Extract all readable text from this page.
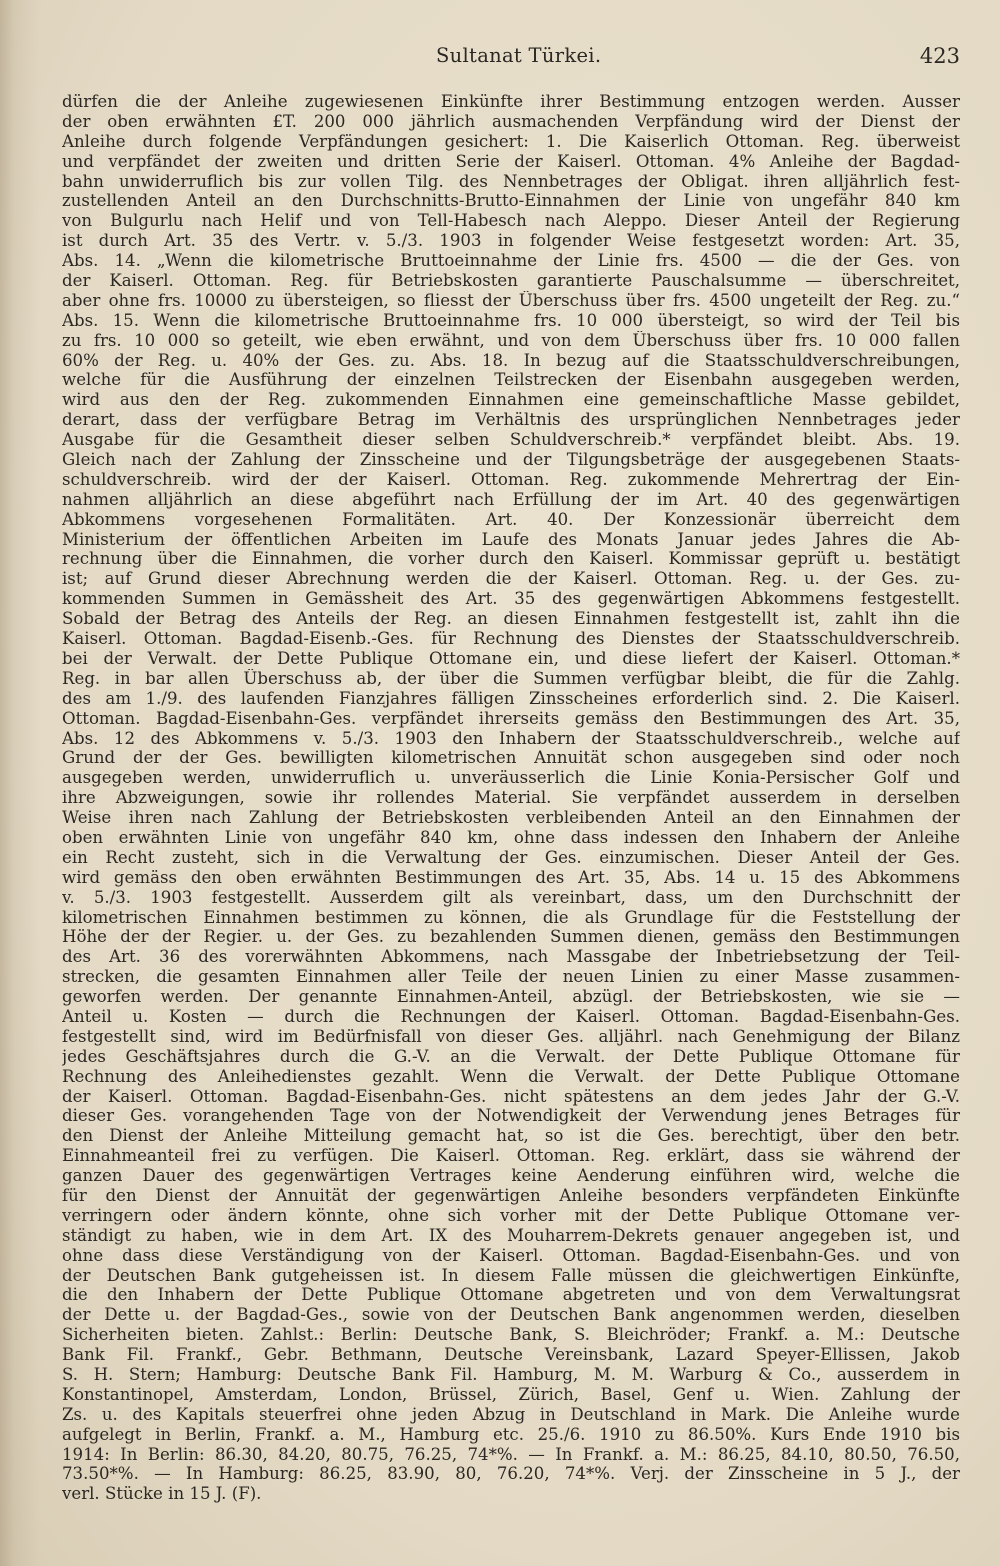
Sultanat Türkei.	423
dürfen die der Anleihe zugewiesenen Einkünfte ihrer Bestimmung entzogen werden. Ausser
der oben erwähnten £T. 200 000 jährlich ausmachenden Verpfändung wird der Dienst der
Anleihe durch folgende Verpfändungen gesichert: 1. Die Kaiserlich Ottoman. Reg. überweist
und verpfändet der zweiten und dritten Serie der Kaiserl. Ottoman. 4% Anleihe der Bagdad-
bahn unwiderruflich bis zur vollen Tilg. des Nennbetrages der Obligat. ihren alljährlich fest-
zustellenden Anteil an den Durchschnitts-Brutto-Einnahmen der Linie von ungefähr 840 km
von Bulgurlu nach Helif und von Tell-Habesch nach Aleppo. Dieser Anteil der Regierung
ist durch Art. 35 des Vertr. v. 5./3. 1903 in folgender Weise festgesetzt worden: Art. 35,
Abs. 14. „Wenn die kilometrische Bruttoeinnahme der Linie frs. 4500 — die der Ges. von
der Kaiserl. Ottoman. Reg. für Betriebskosten garantierte Pauschalsumme — überschreitet,
aber ohne frs. 10000 zu übersteigen, so fliesst der Überschuss über frs. 4500 ungeteilt der Reg. zu.“
Abs. 15. Wenn die kilometrische Bruttoeinnahme frs. 10 000 übersteigt, so wird der Teil bis
zu frs. 10 000 so geteilt, wie eben erwähnt, und von dem Überschuss über frs. 10 000 fallen
60% der Reg. u. 40% der Ges. zu. Abs. 18. In bezug auf die Staatsschuldverschreibungen,
welche für die Ausführung der einzelnen Teilstrecken der Eisenbahn ausgegeben werden,
wird aus den der Reg. zukommenden Einnahmen eine gemeinschaftliche Masse gebildet,
derart, dass der verfügbare Betrag im Verhältnis des ursprünglichen Nennbetrages jeder
Ausgabe für die Gesamtheit dieser selben Schuldverschreib.* verpfändet bleibt. Abs. 19.
Gleich nach der Zahlung der Zinsscheine und der Tilgungsbeträge der ausgegebenen Staats-
schuldverschreib. wird der der Kaiserl. Ottoman. Reg. zukommende Mehrertrag der Ein-
nahmen alljährlich an diese abgeführt nach Erfüllung der im Art. 40 des gegenwärtigen
Abkommens vorgesehenen Formalitäten. Art. 40. Der Konzessionär überreicht dem
Ministerium der öffentlichen Arbeiten im Laufe des Monats Januar jedes Jahres die Ab-
rechnung über die Einnahmen, die vorher durch den Kaiserl. Kommissar geprüft u. bestätigt
ist; auf Grund dieser Abrechnung werden die der Kaiserl. Ottoman. Reg. u. der Ges. zu-
kommenden Summen in Gemässheit des Art. 35 des gegenwärtigen Abkommens festgestellt.
Sobald der Betrag des Anteils der Reg. an diesen Einnahmen festgestellt ist, zahlt ihn die
Kaiserl. Ottoman. Bagdad-Eisenb.-Ges. für Rechnung des Dienstes der Staatsschuldverschreib.
bei der Verwalt. der Dette Publique Ottomane ein, und diese liefert der Kaiserl. Ottoman.*
Reg. in bar allen Überschuss ab, der über die Summen verfügbar bleibt, die für die Zahlg.
des am 1./9. des laufenden Fianzjahres fälligen Zinsscheines erforderlich sind. 2. Die Kaiserl.
Ottoman. Bagdad-Eisenbahn-Ges. verpfändet ihrerseits gemäss den Bestimmungen des Art. 35,
Abs. 12 des Abkommens v. 5./3. 1903 den Inhabern der Staatsschuldverschreib., welche auf
Grund der der Ges. bewilligten kilometrischen Annuität schon ausgegeben sind oder noch
ausgegeben werden, unwiderruflich u. unveräusserlich die Linie Konia-Persischer Golf und
ihre Abzweigungen, sowie ihr rollendes Material. Sie verpfändet ausserdem in derselben
Weise ihren nach Zahlung der Betriebskosten verbleibenden Anteil an den Einnahmen der
oben erwähnten Linie von ungefähr 840 km, ohne dass indessen den Inhabern der Anleihe
ein Recht zusteht, sich in die Verwaltung der Ges. einzumischen. Dieser Anteil der Ges.
wird gemäss den oben erwähnten Bestimmungen des Art. 35, Abs. 14 u. 15 des Abkommens
v. 5./3. 1903 festgestellt. Ausserdem gilt als vereinbart, dass, um den Durchschnitt der
kilometrischen Einnahmen bestimmen zu können, die als Grundlage für die Feststellung der
Höhe der der Regier. u. der Ges. zu bezahlenden Summen dienen, gemäss den Bestimmungen
des Art. 36 des vorerwähnten Abkommens, nach Massgabe der Inbetriebsetzung der Teil-
strecken, die gesamten Einnahmen aller Teile der neuen Linien zu einer Masse zusammen-
geworfen werden. Der genannte Einnahmen-Anteil, abzügl. der Betriebskosten, wie sie —
Anteil u. Kosten — durch die Rechnungen der Kaiserl. Ottoman. Bagdad-Eisenbahn-Ges.
festgestellt sind, wird im Bedürfnisfall von dieser Ges. alljährl. nach Genehmigung der Bilanz
jedes Geschäftsjahres durch die G.-V. an die Verwalt. der Dette Publique Ottomane für
Rechnung des Anleihedienstes gezahlt. Wenn die Verwalt. der Dette Publique Ottomane
der Kaiserl. Ottoman. Bagdad-Eisenbahn-Ges. nicht spätestens an dem jedes Jahr der G.-V.
dieser Ges. vorangehenden Tage von der Notwendigkeit der Verwendung jenes Betrages für
den Dienst der Anleihe Mitteilung gemacht hat, so ist die Ges. berechtigt, über den betr.
Einnahmeanteil frei zu verfügen. Die Kaiserl. Ottoman. Reg. erklärt, dass sie während der
ganzen Dauer des gegenwärtigen Vertrages keine Aenderung einführen wird, welche die
für den Dienst der Annuität der gegenwärtigen Anleihe besonders verpfändeten Einkünfte
verringern oder ändern könnte, ohne sich vorher mit der Dette Publique Ottomane ver-
ständigt zu haben, wie in dem Art. IX des Mouharrem-Dekrets genauer angegeben ist, und
ohne dass diese Verständigung von der Kaiserl. Ottoman. Bagdad-Eisenbahn-Ges. und von
der Deutschen Bank gutgeheissen ist. In diesem Falle müssen die gleichwertigen Einkünfte,
die den Inhabern der Dette Publique Ottomane abgetreten und von dem Verwaltungsrat
der Dette u. der Bagdad-Ges., sowie von der Deutschen Bank angenommen werden, dieselben
Sicherheiten bieten. Zahlst.: Berlin: Deutsche Bank, S. Bleichröder; Frankf. a. M.: Deutsche
Bank Fil. Frankf., Gebr. Bethmann, Deutsche Vereinsbank, Lazard Speyer-Ellissen, Jakob
S. H. Stern; Hamburg: Deutsche Bank Fil. Hamburg, M. M. Warburg & Co., ausserdem in
Konstantinopel, Amsterdam, London, Brüssel, Zürich, Basel, Genf u. Wien. Zahlung der
Zs. u. des Kapitals steuerfrei ohne jeden Abzug in Deutschland in Mark. Die Anleihe wurde
aufgelegt in Berlin, Frankf. a. M., Hamburg etc. 25./6. 1910 zu 86.50%. Kurs Ende 1910 bis
1914: In Berlin: 86.30, 84.20, 80.75, 76.25, 74*%. — In Frankf. a. M.: 86.25, 84.10, 80.50, 76.50,
73.50*%. — In Hamburg: 86.25, 83.90, 80, 76.20, 74*%. Verj. der Zinsscheine in 5 J., der
verl. Stücke in 15 J. (F).
